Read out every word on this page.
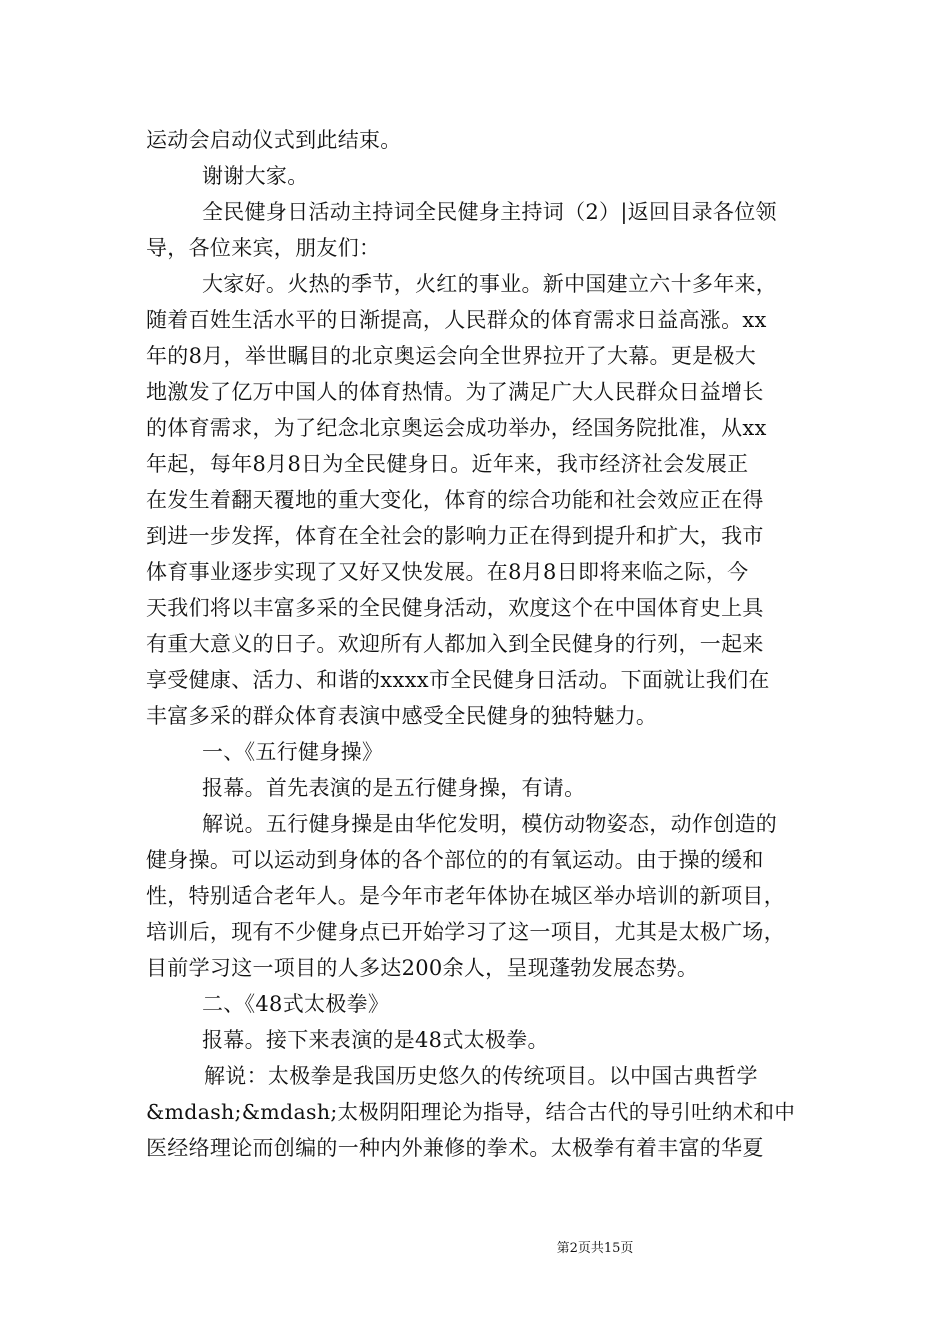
运动会启动仪式到此结束。
谢谢大家。
全民健身日活动主持词全民健身主持词（2）|返回目录各位领
导，各位来宾，朋友们：
大家好。火热的季节，火红的事业。新中国建立六十多年来，
随着百姓生活水平的日渐提高，人民群众的体育需求日益高涨。xx
年的8月，举世瞩目的北京奥运会向全世界拉开了大幕。更是极大
地激发了亿万中国人的体育热情。为了满足广大人民群众日益增长
的体育需求，为了纪念北京奥运会成功举办，经国务院批准，从xx
年起，每年8月8日为全民健身日。近年来，我市经济社会发展正
在发生着翻天覆地的重大变化，体育的综合功能和社会效应正在得
到进一步发挥，体育在全社会的影响力正在得到提升和扩大，我市
体育事业逐步实现了又好又快发展。在8月8日即将来临之际，今
天我们将以丰富多采的全民健身活动，欢度这个在中国体育史上具
有重大意义的日子。欢迎所有人都加入到全民健身的行列，一起来
享受健康、活力、和谐的xxxx市全民健身日活动。下面就让我们在
丰富多采的群众体育表演中感受全民健身的独特魅力。
一、《五行健身操》
报幕。首先表演的是五行健身操，有请。
解说。五行健身操是由华佗发明，模仿动物姿态，动作创造的
健身操。可以运动到身体的各个部位的的有氧运动。由于操的缓和
性，特别适合老年人。是今年市老年体协在城区举办培训的新项目，
培训后，现有不少健身点已开始学习了这一项目，尤其是太极广场，
目前学习这一项目的人多达200余人，呈现蓬勃发展态势。
二、《48式太极拳》
报幕。接下来表演的是48式太极拳。
解说：太极拳是我国历史悠久的传统项目。以中国古典哲学
&mdash;&mdash;太极阴阳理论为指导，结合古代的导引吐纳术和中
医经络理论而创编的一种内外兼修的拳术。太极拳有着丰富的华夏
第2页共15页
